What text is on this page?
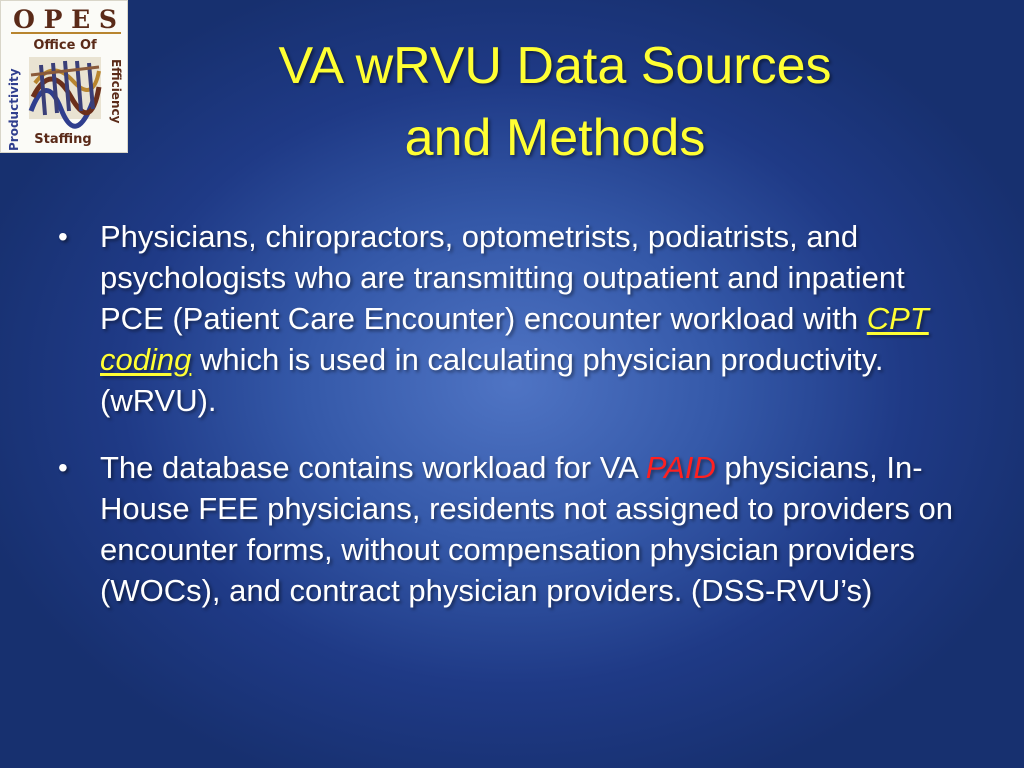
O P E S
Office Of
Productivity	Efficiency
Staffing
VA wRVU Data Sources
and Methods
• Physicians, chiropractors, optometrists, podiatrists, and psychologists who are transmitting outpatient and inpatient PCE (Patient Care Encounter) encounter workload with CPT coding which is used in calculating physician productivity. (wRVU).
• The database contains workload for VA PAID physicians, In-House FEE physicians, residents not assigned to providers on encounter forms, without compensation physician providers (WOCs), and contract physician providers. (DSS-RVU’s)
